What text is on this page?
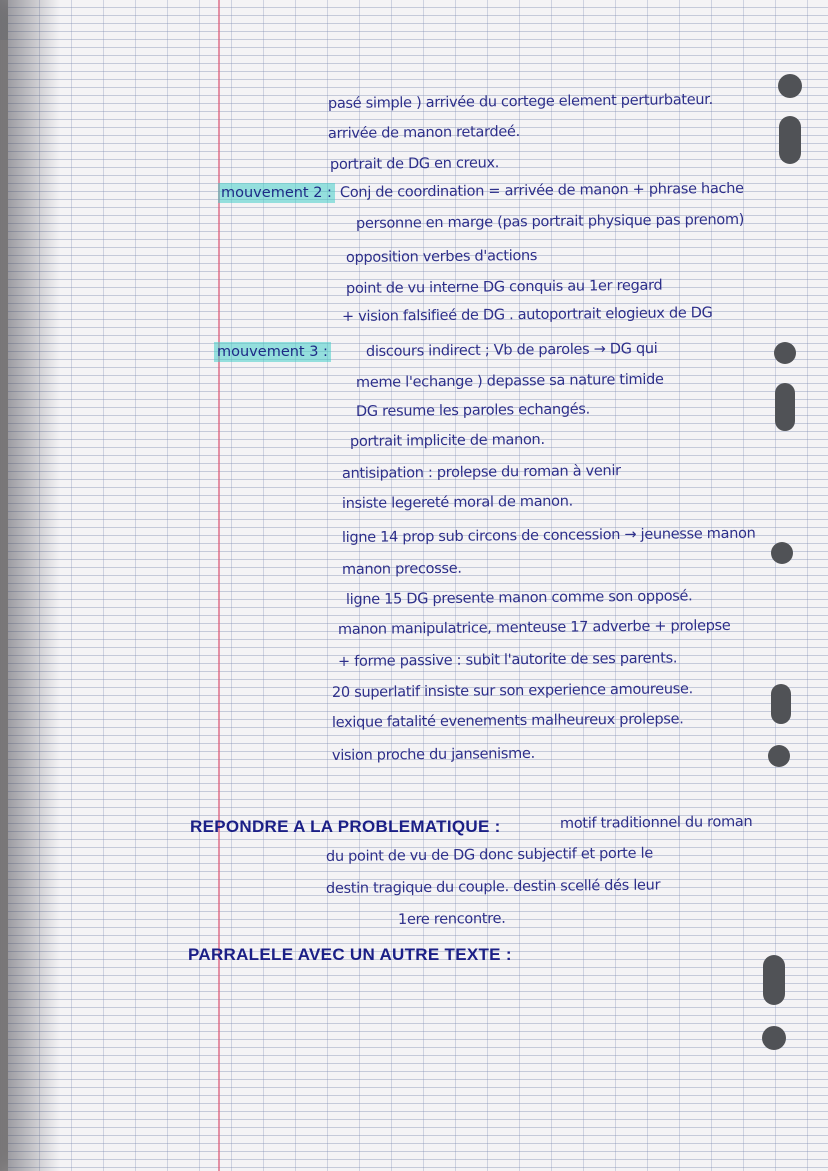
mouvement 2 :
mouvement 3 :
pasé simple ) arrivée du cortege element perturbateur.
arrivée de manon retardeé.
portrait de DG en creux.
Conj de coordination = arrivée de manon + phrase hache
personne en marge (pas portrait physique pas prenom)
opposition verbes d'actions
point de vu interne DG conquis au 1er regard
+ vision falsifieé de DG . autoportrait elogieux de DG
discours indirect ; Vb de paroles → DG qui
meme l'echange ) depasse sa nature timide
DG resume les paroles echangés.
portrait implicite de manon.
antisipation : prolepse du roman à venir
insiste legereté moral de manon.
ligne 14 prop sub circons de concession → jeunesse manon
manon precosse.
ligne 15 DG presente manon comme son opposé.
manon manipulatrice, menteuse 17 adverbe + prolepse
+ forme passive : subit l'autorite de ses parents.
20 superlatif insiste sur son experience amoureuse.
lexique fatalité evenements malheureux prolepse.
vision proche du jansenisme.
REPONDRE A LA PROBLEMATIQUE :	motif traditionnel du roman
du point de vu de DG donc subjectif et porte le
destin tragique du couple. destin scellé dés leur
1ere rencontre.
PARRALELE AVEC UN AUTRE TEXTE :
